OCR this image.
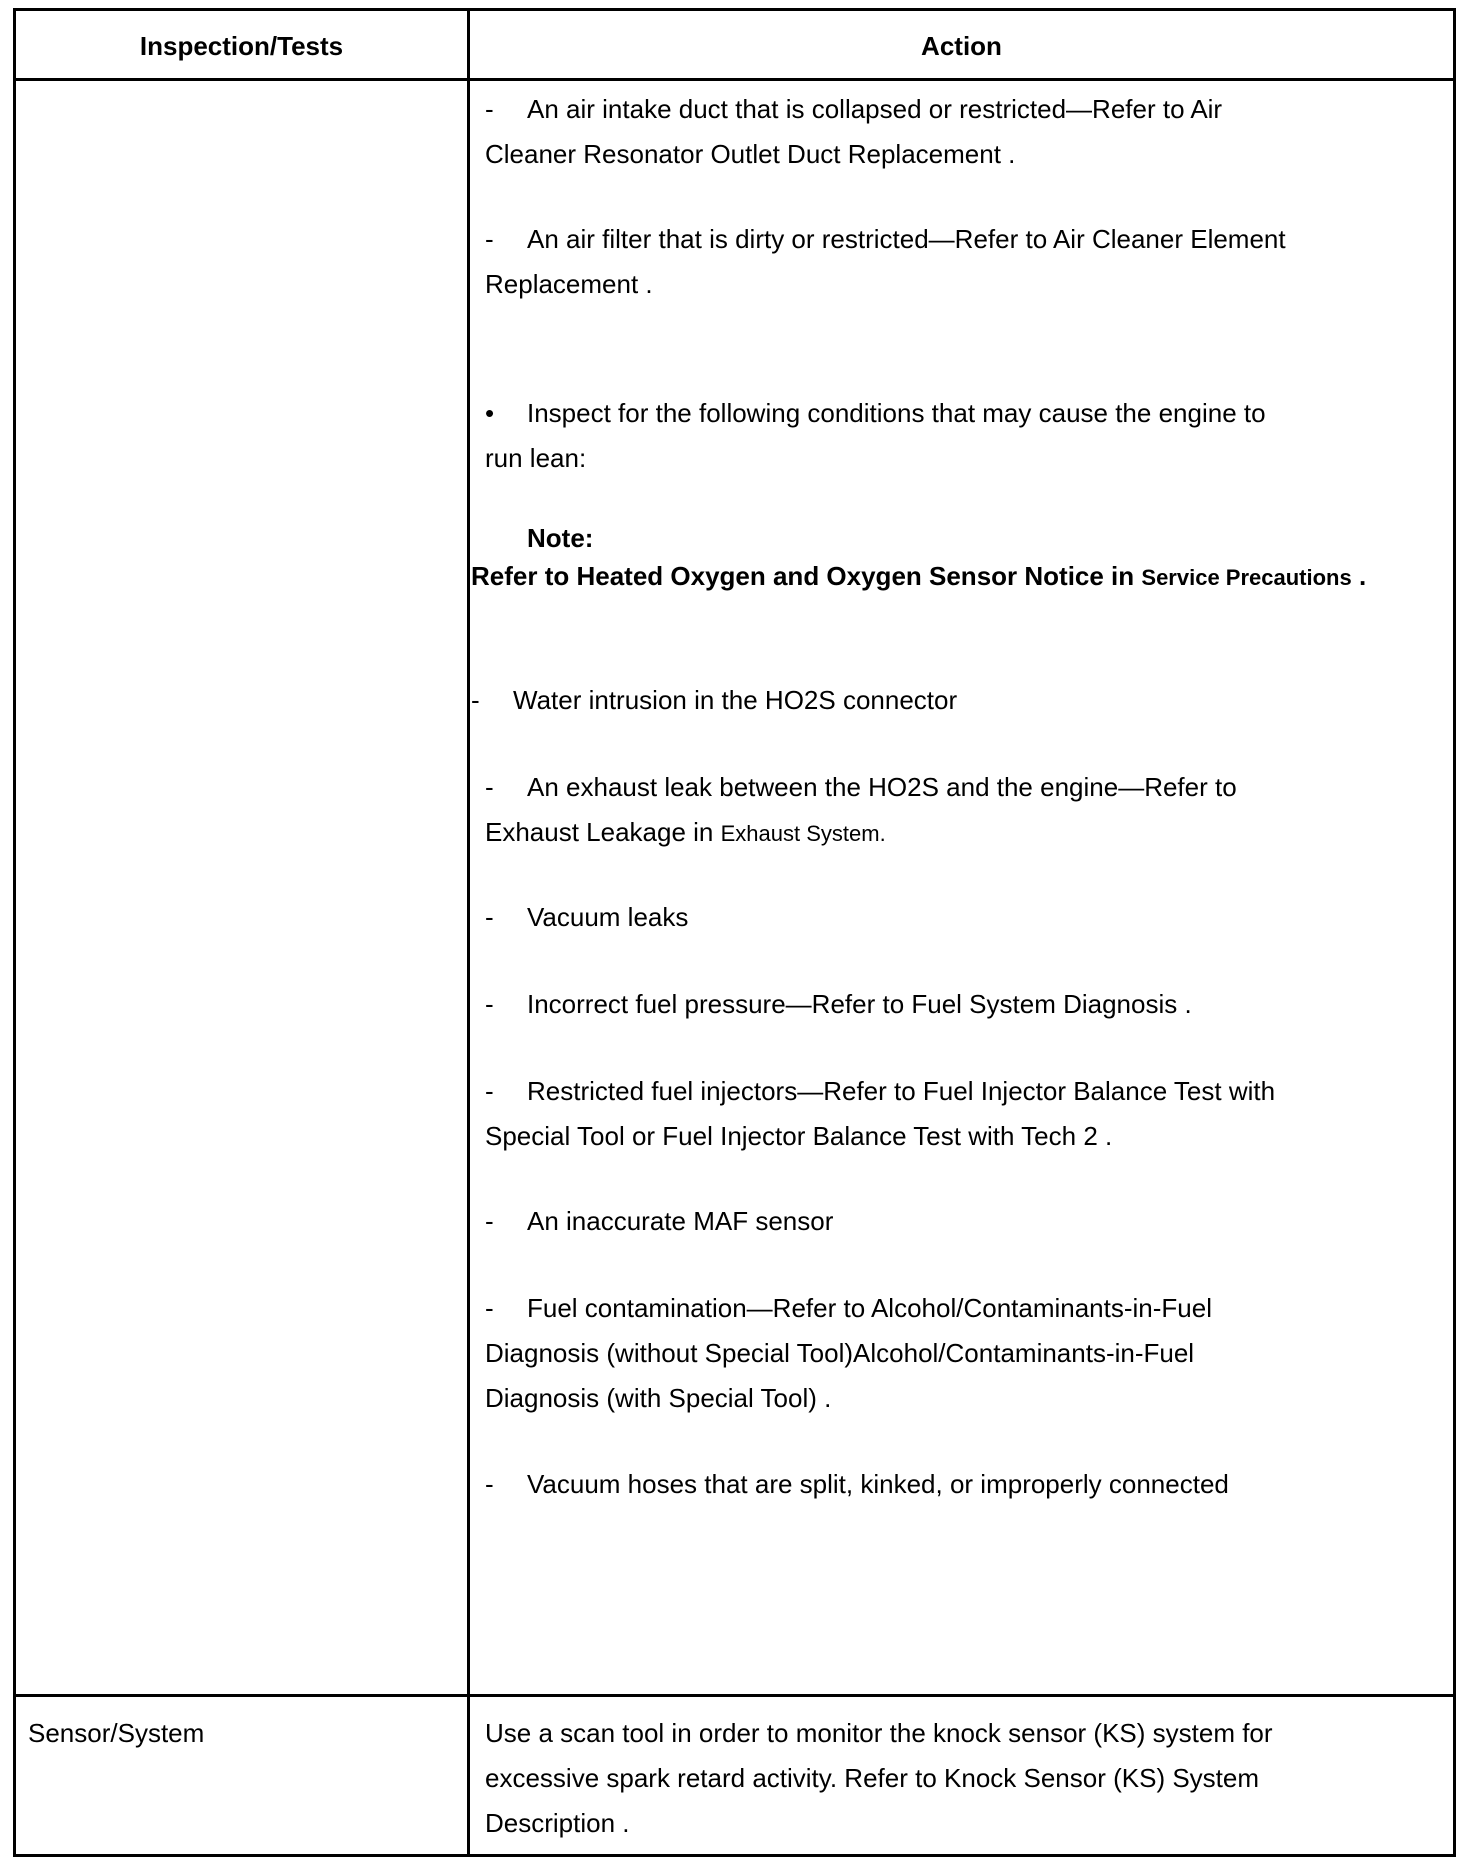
Inspection/Tests	Action
- An air intake duct that is collapsed or restricted—Refer to Air
Cleaner Resonator Outlet Duct Replacement .
- An air filter that is dirty or restricted—Refer to Air Cleaner Element
Replacement .
• Inspect for the following conditions that may cause the engine to
run lean:
Note:
Refer to Heated Oxygen and Oxygen Sensor Notice in Service Precautions .
- Water intrusion in the HO2S connector
- An exhaust leak between the HO2S and the engine—Refer to
Exhaust Leakage in Exhaust System.
- Vacuum leaks
- Incorrect fuel pressure—Refer to Fuel System Diagnosis .
- Restricted fuel injectors—Refer to Fuel Injector Balance Test with
Special Tool or Fuel Injector Balance Test with Tech 2 .
- An inaccurate MAF sensor
- Fuel contamination—Refer to Alcohol/Contaminants-in-Fuel
Diagnosis (without Special Tool)Alcohol/Contaminants-in-Fuel
Diagnosis (with Special Tool) .
- Vacuum hoses that are split, kinked, or improperly connected
Sensor/System	Use a scan tool in order to monitor the knock sensor (KS) system for
excessive spark retard activity. Refer to Knock Sensor (KS) System
Description .
